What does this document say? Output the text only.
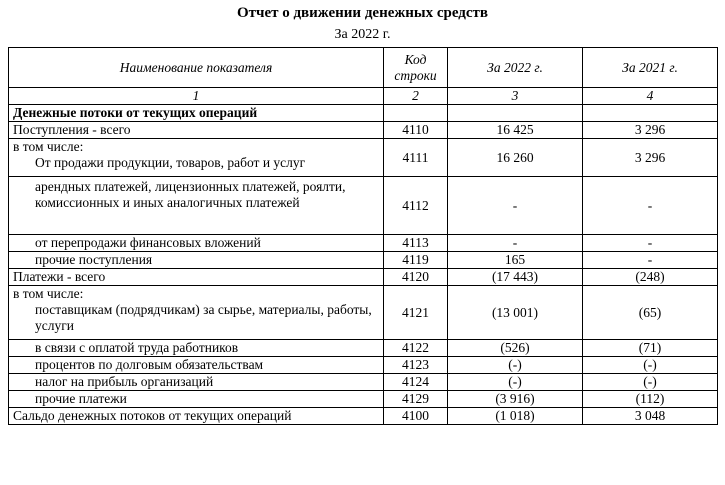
Отчет о движении денежных средств
За 2022 г.
Наименование показателя	Код строки	За 2022 г.	За 2021 г.
1	2	3	4
Денежные потоки от текущих операций			
Поступления - всего	4110	16 425	3 296
в том числе:
От продажи продукции, товаров, работ и услуг	4111	16 260	3 296
арендных платежей, лицензионных платежей, роялти, комиссионных и иных аналогичных платежей	4112	-	-
от перепродажи финансовых вложений	4113	-	-
прочие поступления	4119	165	-
Платежи - всего	4120	(17 443)	(248)
в том числе:
поставщикам (подрядчикам) за сырье, материалы, работы, услуги	4121	(13 001)	(65)
в связи с оплатой труда работников	4122	(526)	(71)
процентов по долговым обязательствам	4123	(-)	(-)
налог на прибыль организаций	4124	(-)	(-)
прочие платежи	4129	(3 916)	(112)
Сальдо денежных потоков от текущих операций	4100	(1 018)	3 048
